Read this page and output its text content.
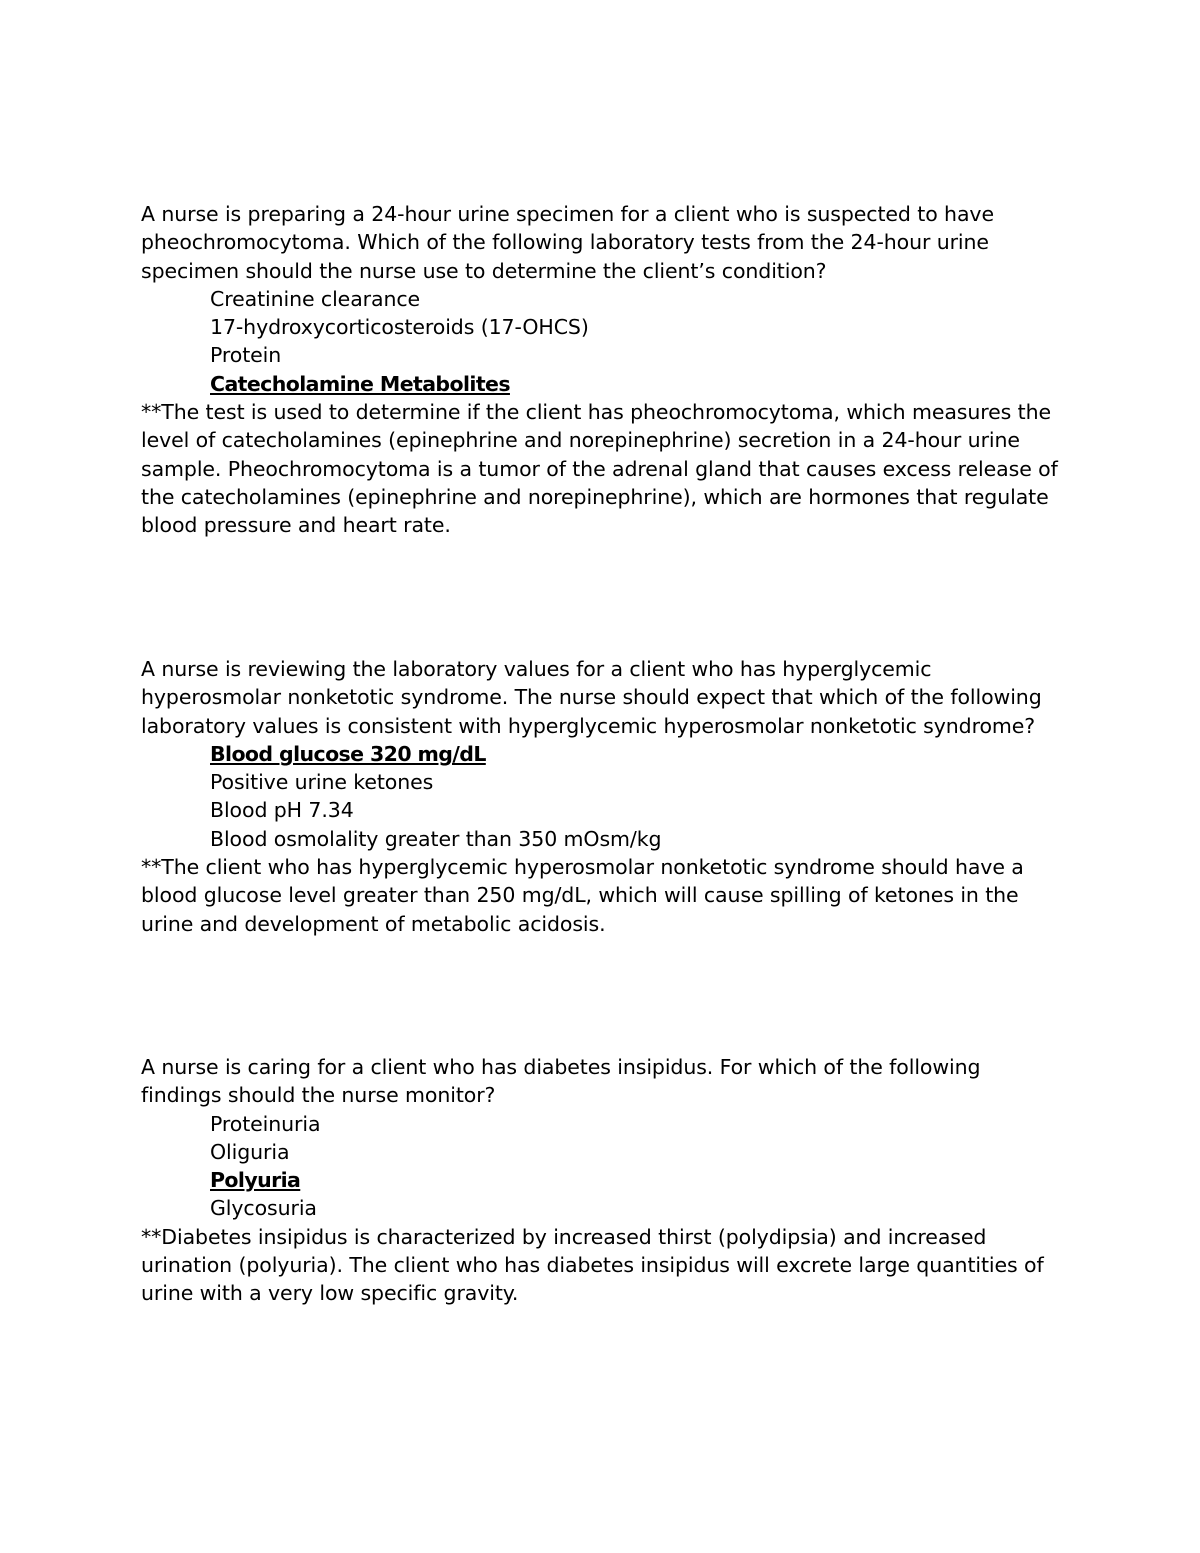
A nurse is preparing a 24-hour urine specimen for a client who is suspected to have pheochromocytoma. Which of the following laboratory tests from the 24-hour urine specimen should the nurse use to determine the client’s condition?

Creatinine clearance
17-hydroxycorticosteroids (17-OHCS)
Protein
Catecholamine Metabolites

**The test is used to determine if the client has pheochromocytoma, which measures the level of catecholamines (epinephrine and norepinephrine) secretion in a 24-hour urine sample. Pheochromocytoma is a tumor of the adrenal gland that causes excess release of the catecholamines (epinephrine and norepinephrine), which are hormones that regulate blood pressure and heart rate.

A nurse is reviewing the laboratory values for a client who has hyperglycemic hyperosmolar nonketotic syndrome. The nurse should expect that which of the following laboratory values is consistent with hyperglycemic hyperosmolar nonketotic syndrome?

Blood glucose 320 mg/dL
Positive urine ketones
Blood pH 7.34
Blood osmolality greater than 350 mOsm/kg

**The client who has hyperglycemic hyperosmolar nonketotic syndrome should have a blood glucose level greater than 250 mg/dL, which will cause spilling of ketones in the urine and development of metabolic acidosis.

A nurse is caring for a client who has diabetes insipidus. For which of the following findings should the nurse monitor?

Proteinuria
Oliguria
Polyuria
Glycosuria

**Diabetes insipidus is characterized by increased thirst (polydipsia) and increased urination (polyuria). The client who has diabetes insipidus will excrete large quantities of urine with a very low specific gravity.
